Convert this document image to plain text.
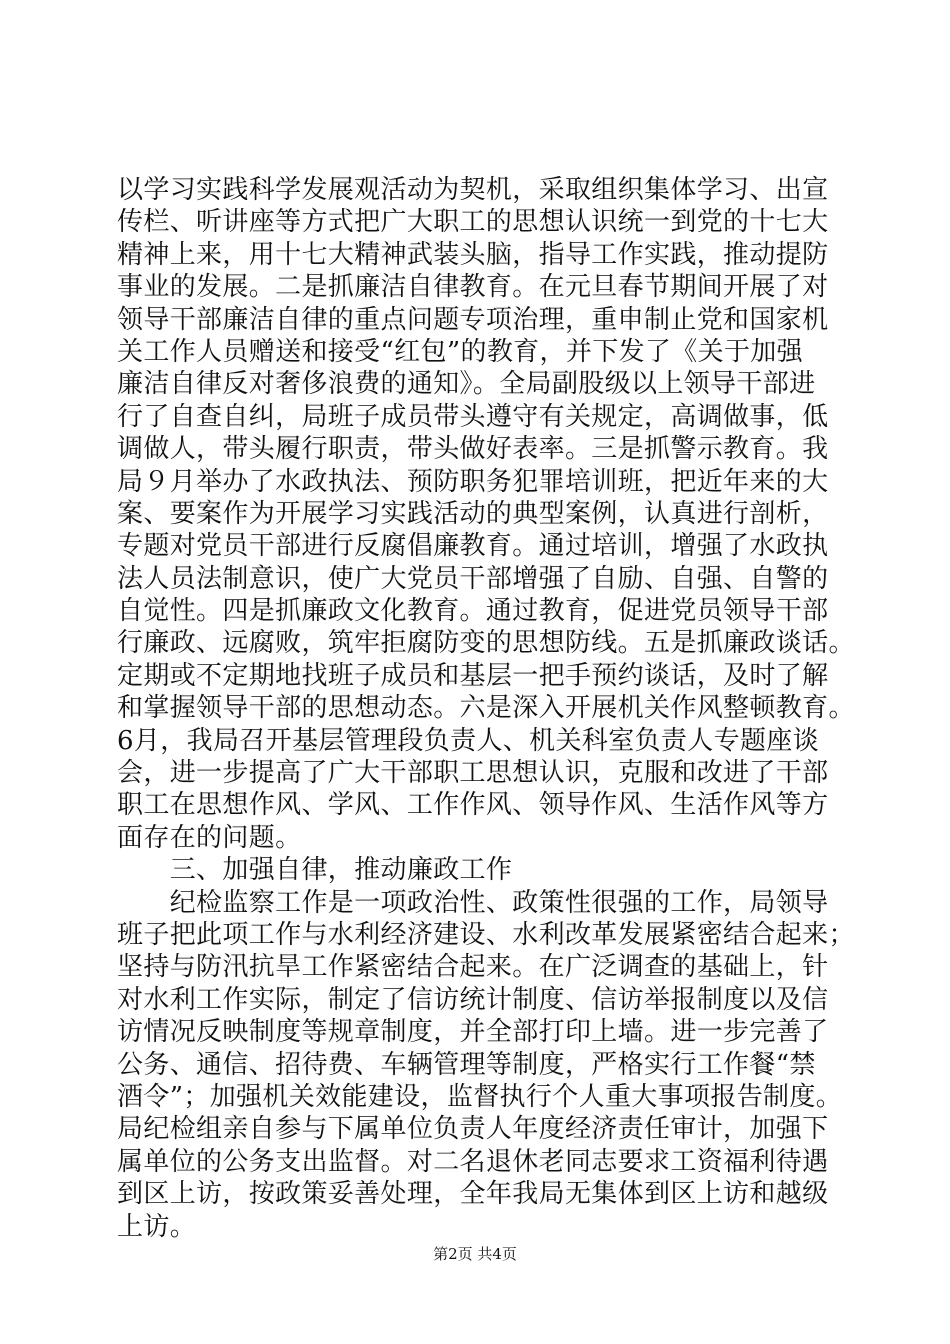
以学习实践科学发展观活动为契机，采取组织集体学习、出宣
传栏、听讲座等方式把广大职工的思想认识统一到党的十七大
精神上来，用十七大精神武装头脑，指导工作实践，推动提防
事业的发展。二是抓廉洁自律教育。在元旦春节期间开展了对
领导干部廉洁自律的重点问题专项治理，重申制止党和国家机
关工作人员赠送和接受“红包”的教育，并下发了《关于加强
廉洁自律反对奢侈浪费的通知》。全局副股级以上领导干部进
行了自查自纠，局班子成员带头遵守有关规定，高调做事，低
调做人，带头履行职责，带头做好表率。三是抓警示教育。我
局９月举办了水政执法、预防职务犯罪培训班，把近年来的大
案、要案作为开展学习实践活动的典型案例，认真进行剖析，
专题对党员干部进行反腐倡廉教育。通过培训，增强了水政执
法人员法制意识，使广大党员干部增强了自励、自强、自警的
自觉性。四是抓廉政文化教育。通过教育，促进党员领导干部
行廉政、远腐败，筑牢拒腐防变的思想防线。五是抓廉政谈话。
定期或不定期地找班子成员和基层一把手预约谈话，及时了解
和掌握领导干部的思想动态。六是深入开展机关作风整顿教育。
6月，我局召开基层管理段负责人、机关科室负责人专题座谈
会，进一步提高了广大干部职工思想认识，克服和改进了干部
职工在思想作风、学风、工作作风、领导作风、生活作风等方
面存在的问题。
　　三、加强自律，推动廉政工作
　　纪检监察工作是一项政治性、政策性很强的工作，局领导
班子把此项工作与水利经济建设、水利改革发展紧密结合起来；
坚持与防汛抗旱工作紧密结合起来。在广泛调查的基础上，针
对水利工作实际，制定了信访统计制度、信访举报制度以及信
访情况反映制度等规章制度，并全部打印上墙。进一步完善了
公务、通信、招待费、车辆管理等制度，严格实行工作餐“禁
酒令”；加强机关效能建设，监督执行个人重大事项报告制度。
局纪检组亲自参与下属单位负责人年度经济责任审计，加强下
属单位的公务支出监督。对二名退休老同志要求工资福利待遇
到区上访，按政策妥善处理，全年我局无集体到区上访和越级
上访。
第2页 共4页
